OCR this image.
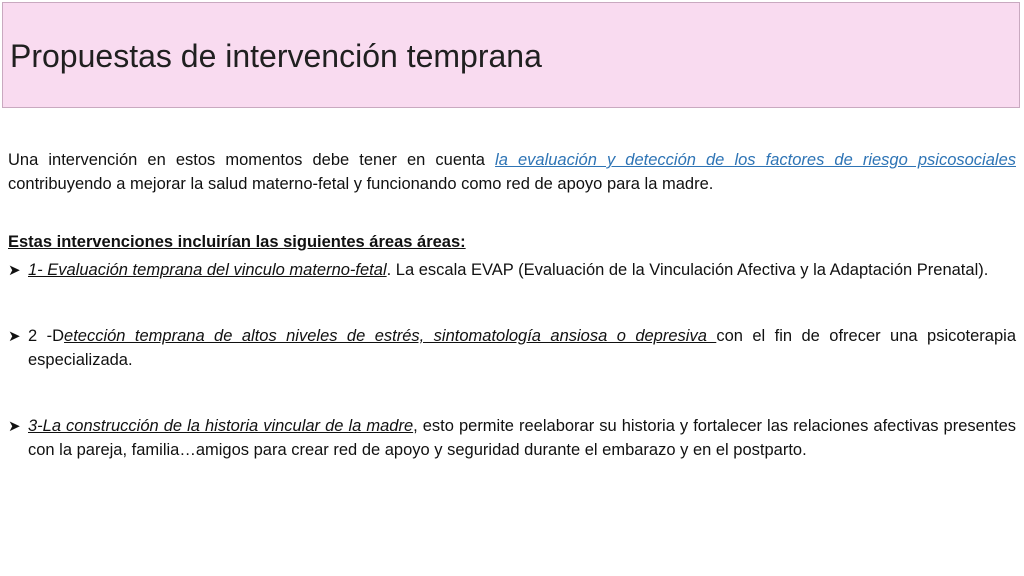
Propuestas de intervención temprana

Una intervención en estos momentos debe tener en cuenta la evaluación y detección de los factores de riesgo psicosociales contribuyendo a mejorar la salud materno-fetal y funcionando como red de apoyo para la madre.

Estas intervenciones incluirían las siguientes áreas áreas:

➤ 1- Evaluación temprana del vinculo materno-fetal. La escala EVAP (Evaluación de la Vinculación Afectiva y la Adaptación Prenatal).

➤ 2 -Detección temprana de altos niveles de estrés, sintomatología ansiosa o depresiva con el fin de ofrecer una psicoterapia especializada.

➤ 3-La construcción de la historia vincular de la madre, esto permite reelaborar su historia y fortalecer las relaciones afectivas presentes con la pareja, familia…amigos para crear red de apoyo y seguridad durante el embarazo y en el postparto.
